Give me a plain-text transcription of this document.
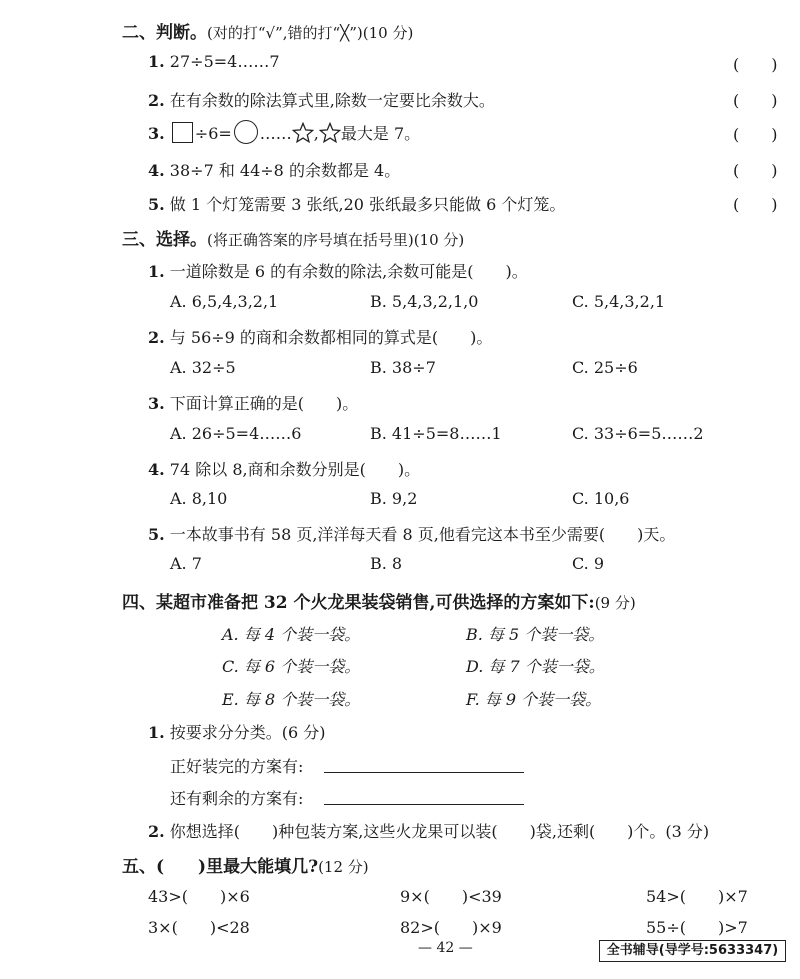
二、判断。(对的打“√”,错的打“╳”)(10 分)
1. 27÷5=4……7	(　　)
2. 在有余数的除法算式里,除数一定要比余数大。	(　　)
3. ÷6= …… , 最大是 7。	(　　)
4. 38÷7 和 44÷8 的余数都是 4。	(　　)
5. 做 1 个灯笼需要 3 张纸,20 张纸最多只能做 6 个灯笼。	(　　)
三、选择。(将正确答案的序号填在括号里)(10 分)
1. 一道除数是 6 的有余数的除法,余数可能是(　　)。
A. 6,5,4,3,2,1	B. 5,4,3,2,1,0	C. 5,4,3,2,1
2. 与 56÷9 的商和余数都相同的算式是(　　)。
A. 32÷5	B. 38÷7	C. 25÷6
3. 下面计算正确的是(　　)。
A. 26÷5=4……6	B. 41÷5=8……1	C. 33÷6=5……2
4. 74 除以 8,商和余数分别是(　　)。
A. 8,10	B. 9,2	C. 10,6
5. 一本故事书有 58 页,洋洋每天看 8 页,他看完这本书至少需要(　　)天。
A. 7	B. 8	C. 9
四、某超市准备把 32 个火龙果装袋销售,可供选择的方案如下:(9 分)
A. 每 4 个装一袋。	B. 每 5 个装一袋。
C. 每 6 个装一袋。	D. 每 7 个装一袋。
E. 每 8 个装一袋。	F. 每 9 个装一袋。
1. 按要求分分类。(6 分)
正好装完的方案有:
还有剩余的方案有:
2. 你想选择(　　)种包装方案,这些火龙果可以装(　　)袋,还剩(　　)个。(3 分)
五、(　　)里最大能填几?(12 分)
43>(　　)×6	9×(　　)<39	54>(　　)×7
3×(　　)<28	82>(　　)×9	55÷(　　)>7
— 42 —	全书辅导(导学号:5633347)
